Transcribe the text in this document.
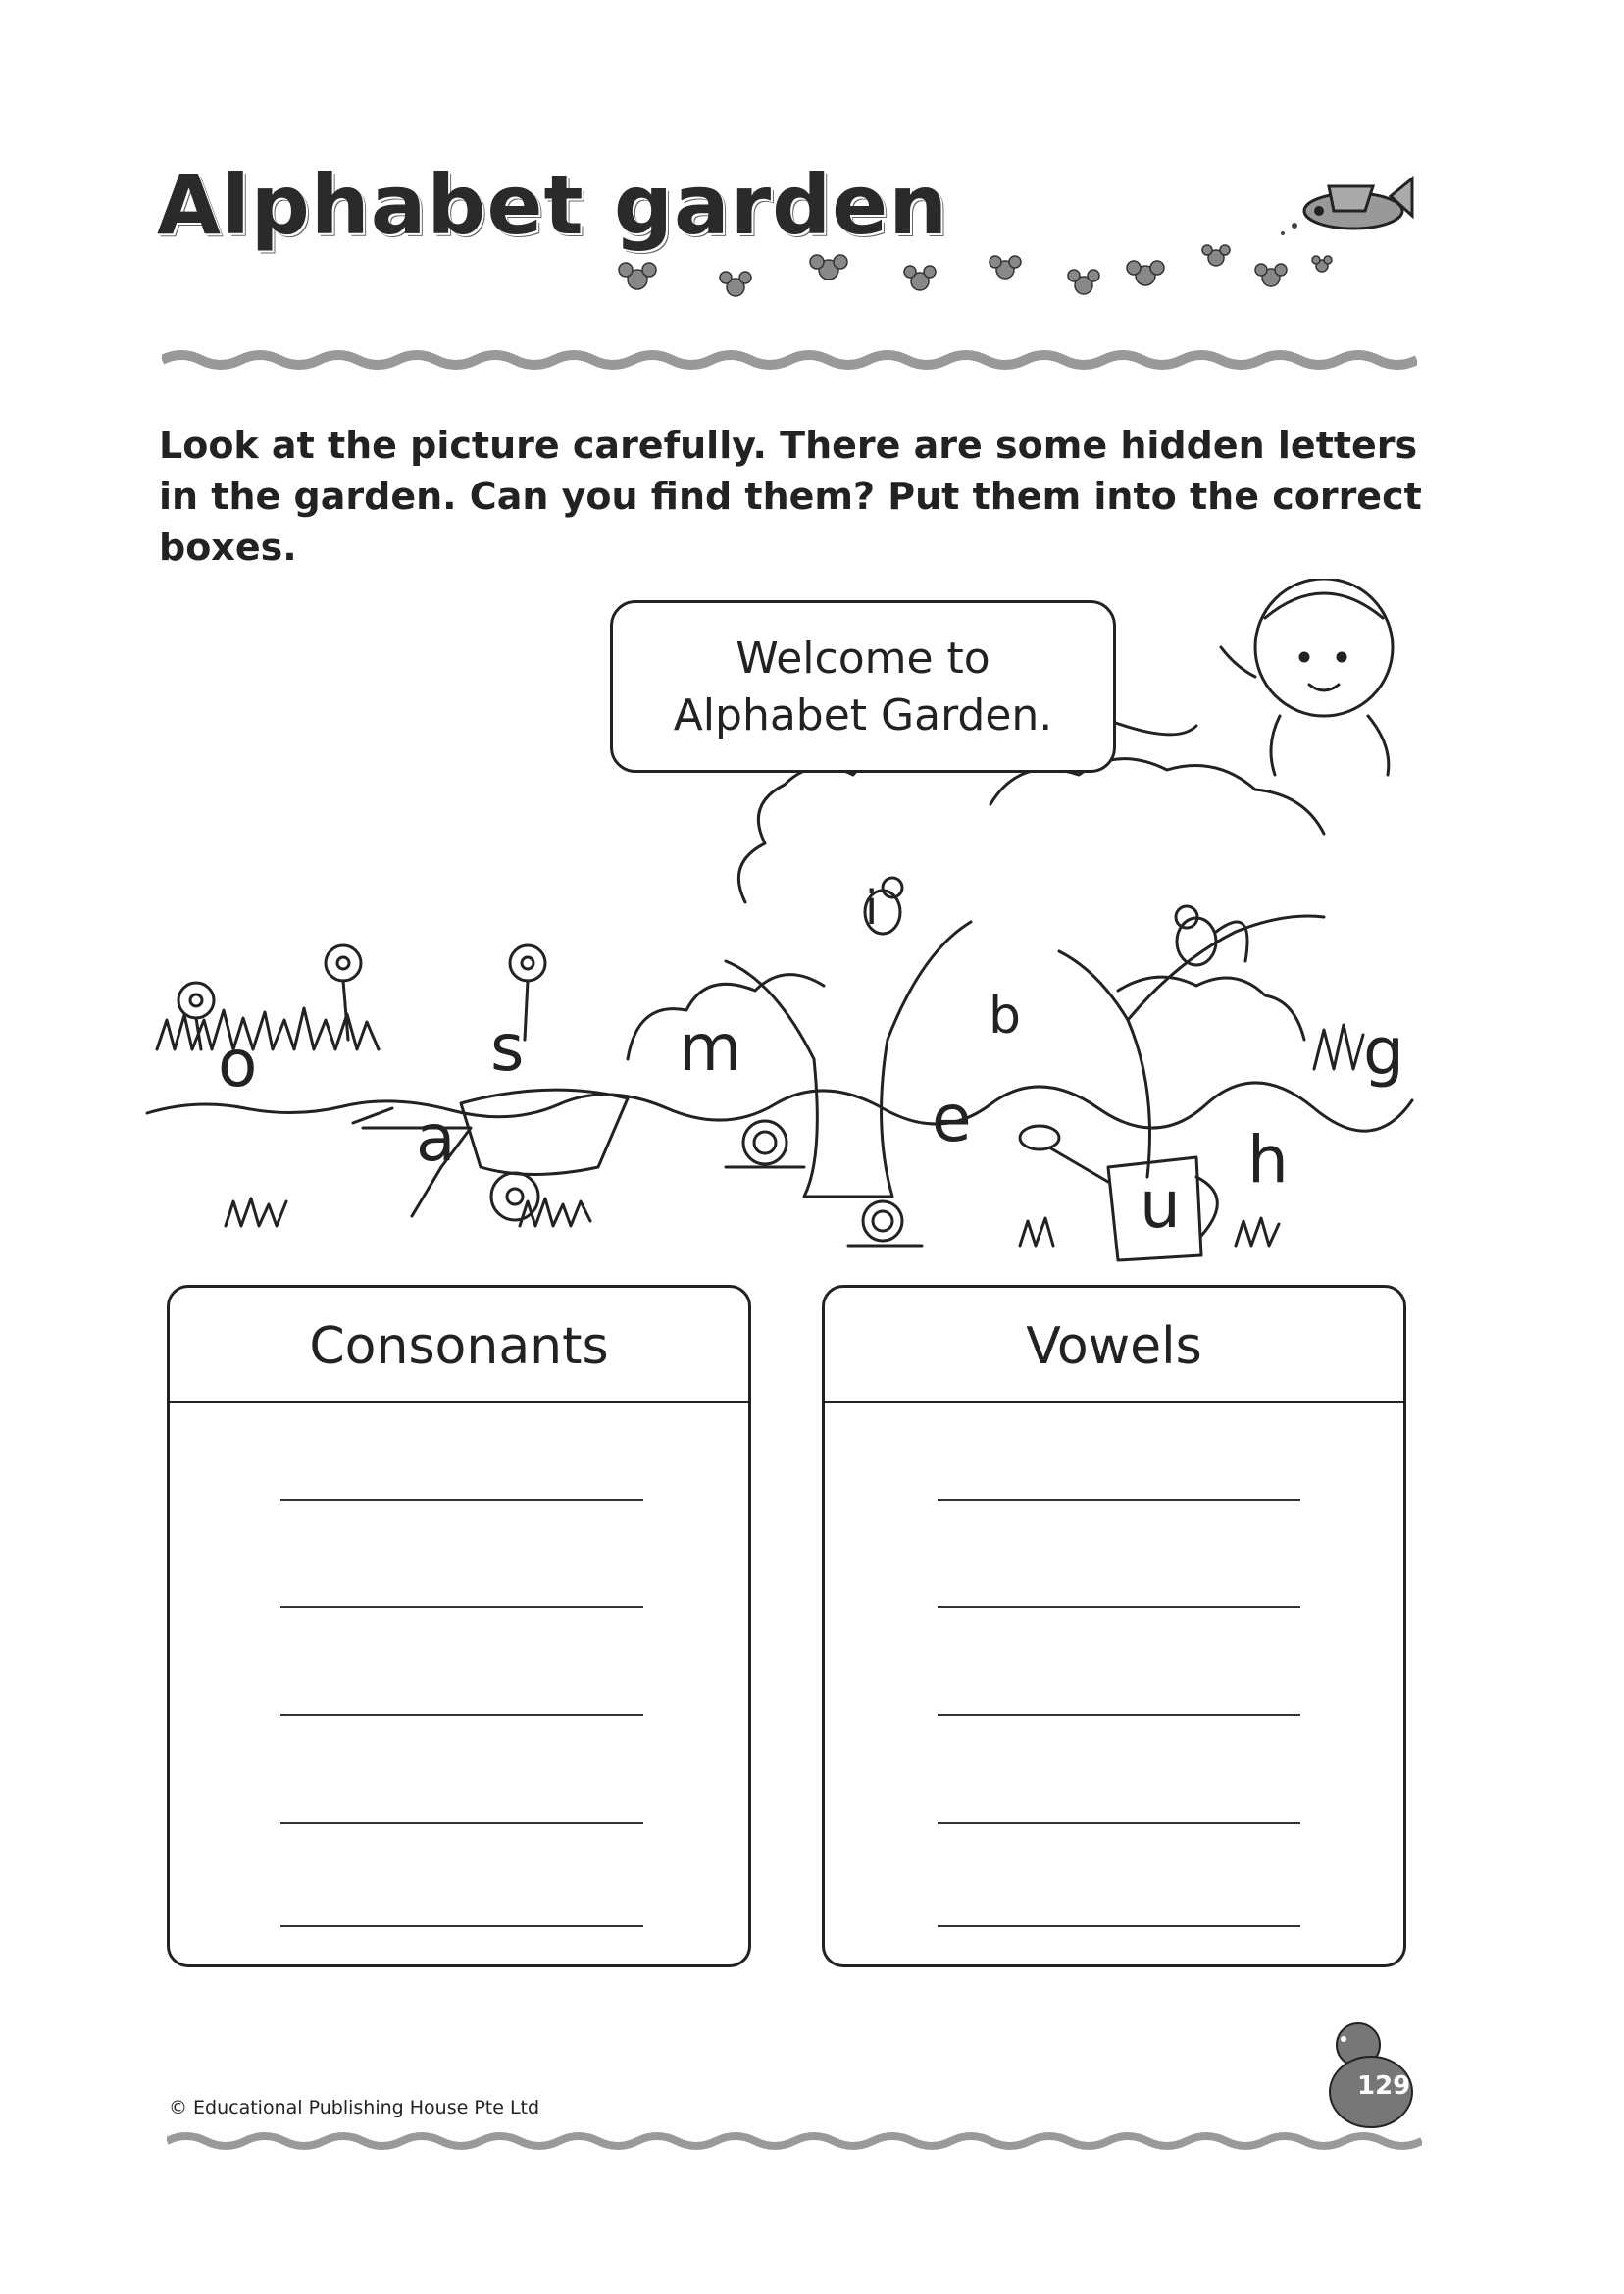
Alphabet garden
Look at the picture carefully. There are some hidden letters in the garden. Can you find them? Put them into the correct boxes.
Welcome to
Alphabet Garden.
o	s
a
m
i
b
e
u
h
g
Consonants	Vowels
129
© Educational Publishing House Pte Ltd
